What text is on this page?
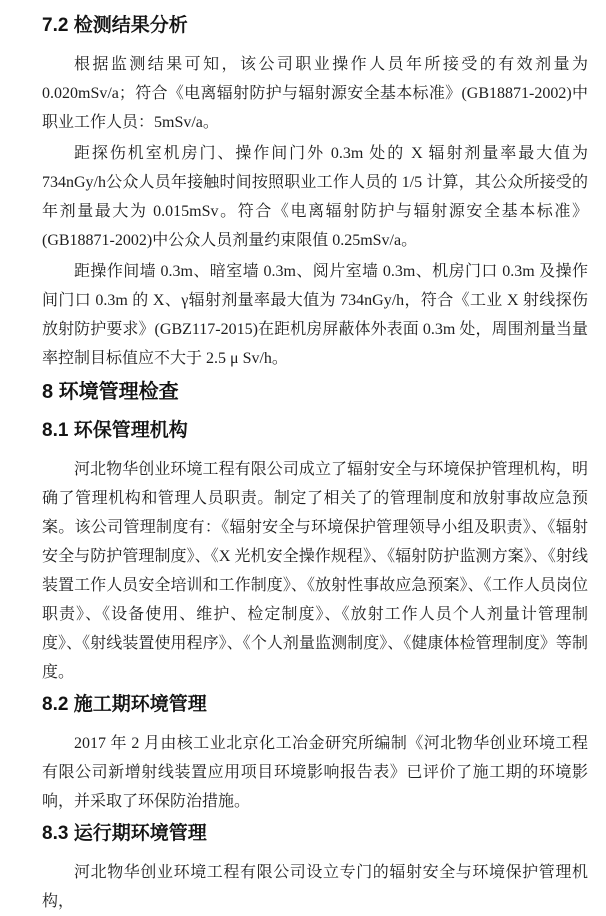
7.2 检测结果分析

根据监测结果可知，该公司职业操作人员年所接受的有效剂量为0.020mSv/a；符合《电离辐射防护与辐射源安全基本标准》(GB18871-2002)中职业工作人员：5mSv/a。

距探伤机室机房门、操作间门外 0.3m 处的 X 辐射剂量率最大值为 734nGy/h公众人员年接触时间按照职业工作人员的 1/5 计算，其公众所接受的年剂量最大为 0.015mSv。符合《电离辐射防护与辐射源安全基本标准》(GB18871-2002)中公众人员剂量约束限值 0.25mSv/a。

距操作间墙 0.3m、暗室墙 0.3m、阅片室墙 0.3m、机房门口 0.3m 及操作间门口 0.3m 的 X、γ辐射剂量率最大值为 734nGy/h，符合《工业 X 射线探伤放射防护要求》(GBZ117-2015)在距机房屏蔽体外表面 0.3m 处，周围剂量当量率控制目标值应不大于 2.5 μ Sv/h。

8 环境管理检查
8.1 环保管理机构

河北物华创业环境工程有限公司成立了辐射安全与环境保护管理机构，明确了管理机构和管理人员职责。制定了相关了的管理制度和放射事故应急预案。该公司管理制度有：《辐射安全与环境保护管理领导小组及职责》、《辐射安全与防护管理制度》、《X 光机安全操作规程》、《辐射防护监测方案》、《射线装置工作人员安全培训和工作制度》、《放射性事故应急预案》、《工作人员岗位职责》、《设备使用、维护、检定制度》、《放射工作人员个人剂量计管理制度》、《射线装置使用程序》、《个人剂量监测制度》、《健康体检管理制度》等制度。

8.2 施工期环境管理

2017 年 2 月由核工业北京化工冶金研究所编制《河北物华创业环境工程有限公司新增射线装置应用项目环境影响报告表》已评价了施工期的环境影响，并采取了环保防治措施。

8.3 运行期环境管理

河北物华创业环境工程有限公司设立专门的辐射安全与环境保护管理机构，
